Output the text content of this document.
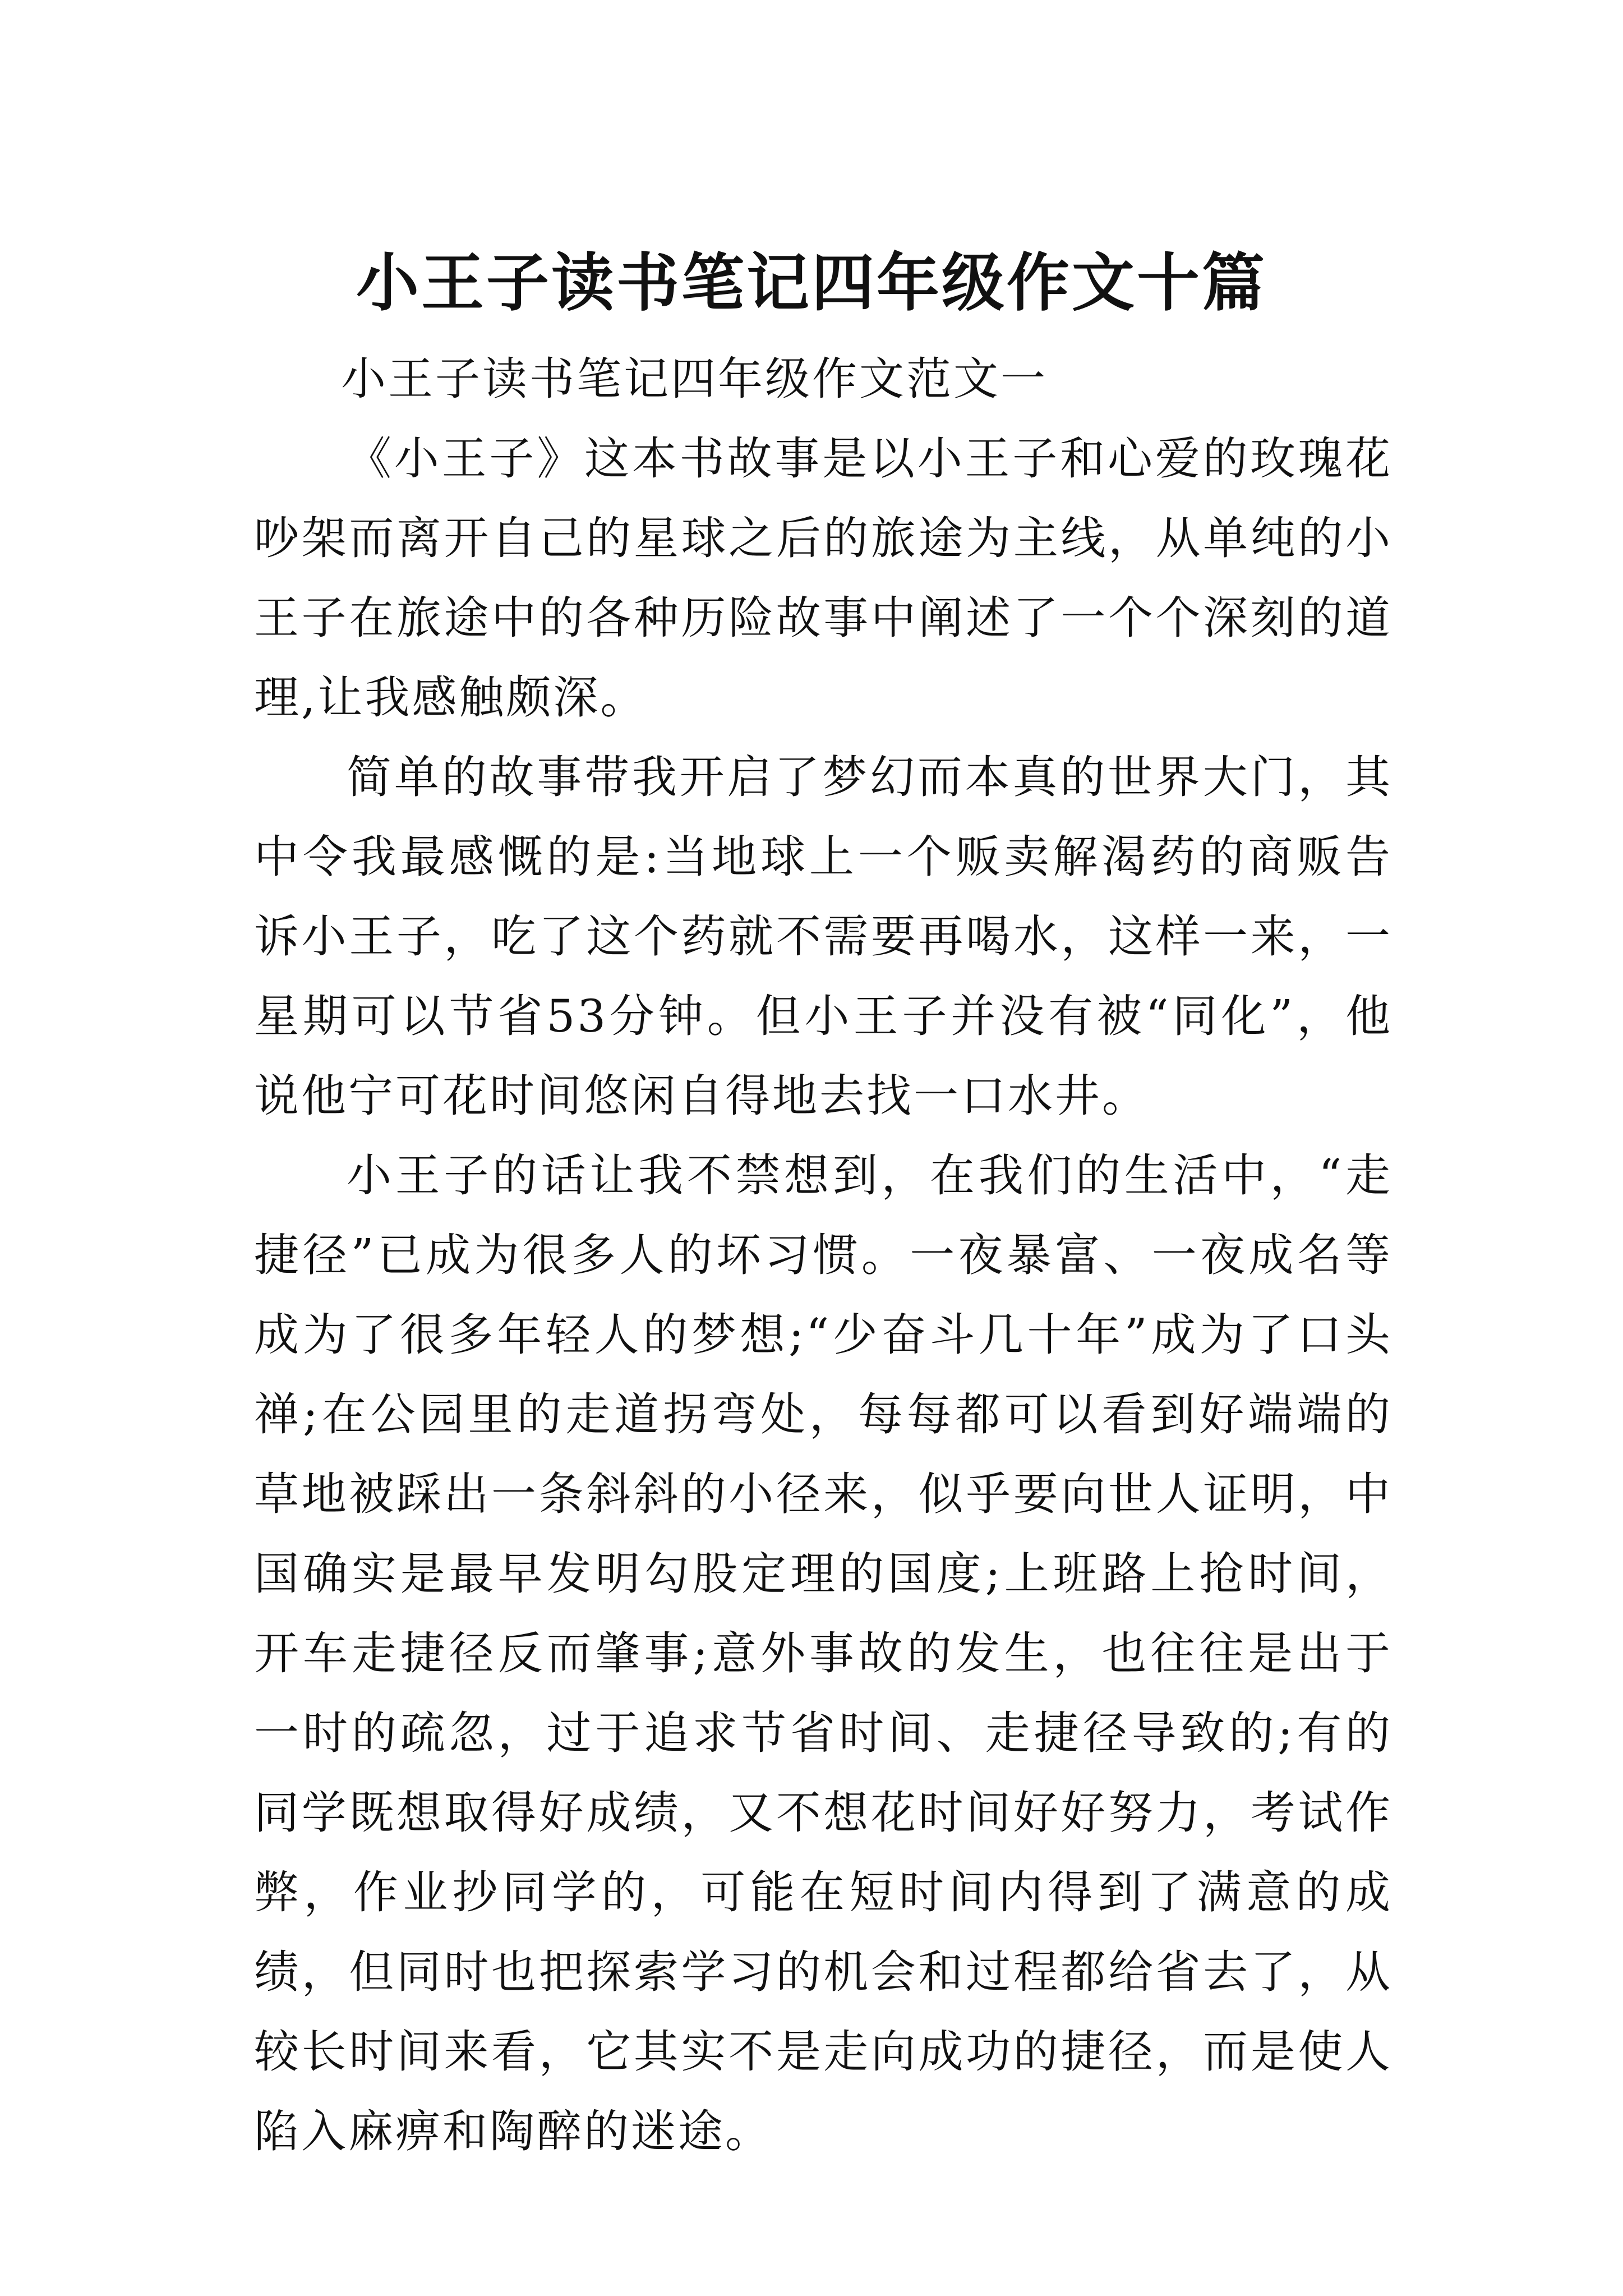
小王子读书笔记四年级作文十篇

小王子读书笔记四年级作文范文一

《小王子》这本书故事是以小王子和心爱的玫瑰花吵架而离开自己的星球之后的旅途为主线，从单纯的小王子在旅途中的各种历险故事中阐述了一个个深刻的道理,让我感触颇深。

简单的故事带我开启了梦幻而本真的世界大门，其中令我最感慨的是:当地球上一个贩卖解渴药的商贩告诉小王子，吃了这个药就不需要再喝水，这样一来，一星期可以节省53分钟。但小王子并没有被“同化”，他说他宁可花时间悠闲自得地去找一口水井。

小王子的话让我不禁想到，在我们的生活中，“走捷径”已成为很多人的坏习惯。一夜暴富、一夜成名等成为了很多年轻人的梦想;“少奋斗几十年”成为了口头禅;在公园里的走道拐弯处，每每都可以看到好端端的草地被踩出一条斜斜的小径来，似乎要向世人证明，中国确实是最早发明勾股定理的国度;上班路上抢时间，开车走捷径反而肇事;意外事故的发生，也往往是出于一时的疏忽，过于追求节省时间、走捷径导致的;有的同学既想取得好成绩，又不想花时间好好努力，考试作弊，作业抄同学的，可能在短时间内得到了满意的成绩，但同时也把探索学习的机会和过程都给省去了，从较长时间来看，它其实不是走向成功的捷径，而是使人陷入麻痹和陶醉的迷途。
